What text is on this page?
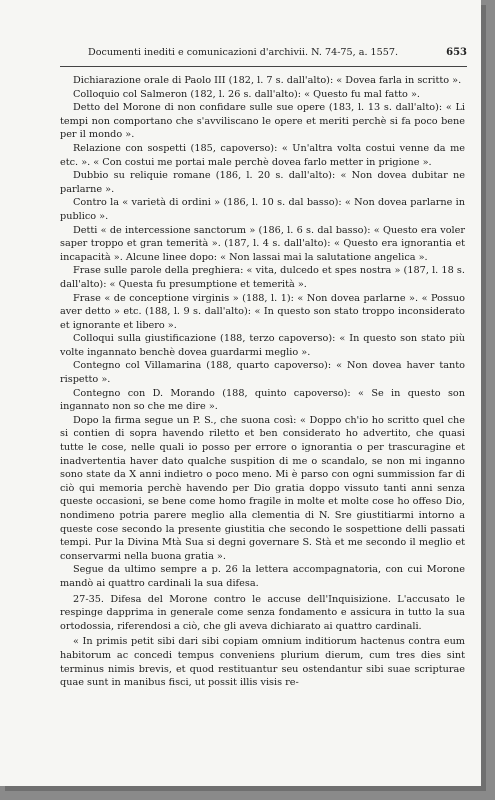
Documenti inediti e comunicazioni d'archivii. N. 74-75, a. 1557.	653

Dichiarazione orale di Paolo III (182, l. 7 s. dall'alto): « Dovea farla in scritto ».

Colloquio col Salmeron (182, l. 26 s. dall'alto): « Questo fu mal fatto ».

Detto del Morone di non confidare sulle sue opere (183, l. 13 s. dall'alto): « Li tempi non comportano che s'avviliscano le opere et meriti perchè si fa poco bene per il mondo ».

Relazione con sospetti (185, capoverso): « Un'altra volta costui venne da me etc. ». « Con costui me portai male perchè dovea farlo metter in prigione ».

Dubbio su reliquie romane (186, l. 20 s. dall'alto): « Non dovea dubitar ne parlarne ».

Contro la « varietà di ordini » (186, l. 10 s. dal basso): « Non dovea parlarne in publico ».

Detti « de intercessione sanctorum » (186, l. 6 s. dal basso): « Questo era voler saper troppo et gran temerità ». (187, l. 4 s. dall'alto): « Questo era ignorantia et incapacità ». Alcune linee dopo: « Non lassai mai la salutatione angelica ».

Frase sulle parole della preghiera: « vita, dulcedo et spes nostra » (187, l. 18 s. dall'alto): « Questa fu presumptione et temerità ».

Frase « de conceptione virginis » (188, l. 1): « Non dovea parlarne ». « Possuo aver detto » etc. (188, l. 9 s. dall'alto): « In questo son stato troppo inconsiderato et ignorante et libero ».

Colloqui sulla giustificazione (188, terzo capoverso): « In questo son stato più volte ingannato benchè dovea guardarmi meglio ».

Contegno col Villamarina (188, quarto capoverso): « Non dovea haver tanto rispetto ».

Contegno con D. Morando (188, quinto capoverso): « Se in questo son ingannato non so che me dire ».

Dopo la firma segue un P. S., che suona così: « Doppo ch'io ho scritto quel che si contien di sopra havendo riletto et ben considerato ho advertito, che quasi tutte le cose, nelle quali io posso per errore o ignorantia o per trascuragine et inadvertentia haver dato qualche suspition di me o scandalo, se non mi inganno sono state da X anni indietro o poco meno. Mi è parso con ogni summission far di ciò qui memoria perchè havendo per Dio gratia doppo vissuto tanti anni senza queste occasioni, se bene come homo fragile in molte et molte cose ho offeso Dio, nondimeno potria parere meglio alla clementia di N. Sre giustitiarmi intorno a queste cose secondo la presente giustitia che secondo le sospettione delli passati tempi. Pur la Divina Mtà Sua si degni governare S. Stà et me secondo il meglio et conservarmi nella buona gratia ».

Segue da ultimo sempre a p. 26 la lettera accompagnatoria, con cui Morone mandò ai quattro cardinali la sua difesa.

27-35. Difesa del Morone contro le accuse dell'Inquisizione. L'accusato le respinge dapprima in generale come senza fondamento e assicura in tutto la sua ortodossia, riferendosi a ciò, che gli aveva dichiarato ai quattro cardinali.

« In primis petit sibi dari sibi copiam omnium inditiorum hactenus contra eum habitorum ac concedi tempus conveniens plurium dierum, cum tres dies sint terminus nimis brevis, et quod restituantur seu ostendantur sibi suae scripturae quae sunt in manibus fisci, ut possit illis visis re-
